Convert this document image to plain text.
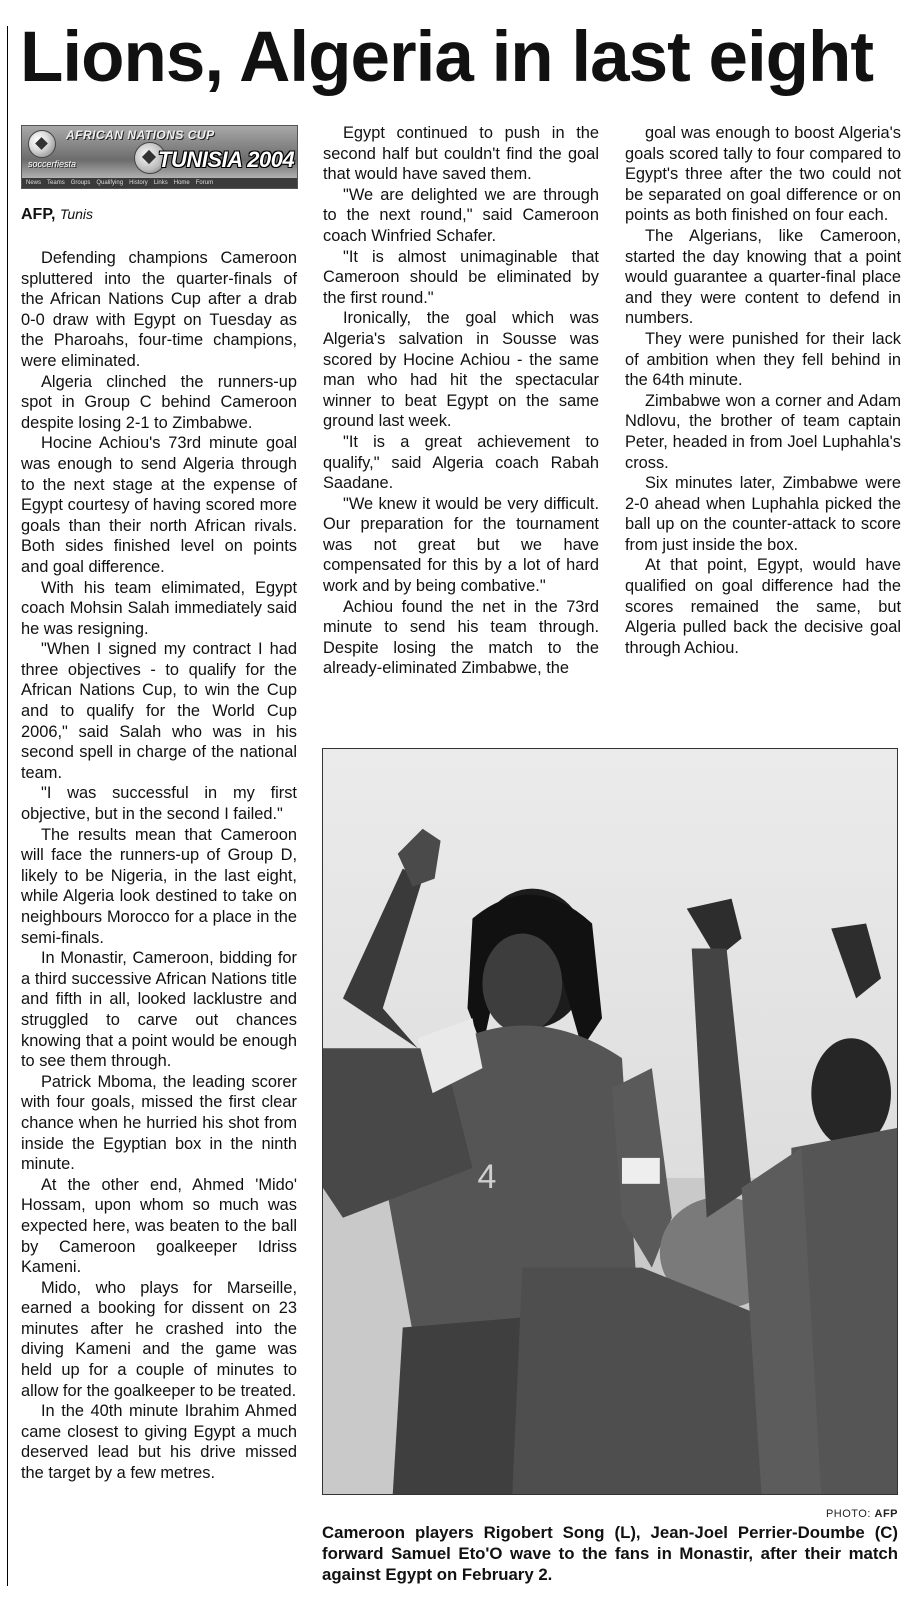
Lions, Algeria in last eight
AFRICAN NATIONS CUP
soccerfiesta	TUNISIA 2004
News Teams Groups Qualifying History Links Home Forum
AFP, Tunis

Defending champions Cameroon spluttered into the quarter-finals of the African Nations Cup after a drab 0-0 draw with Egypt on Tuesday as the Pharoahs, four-time champions, were eliminated.

Algeria clinched the runners-up spot in Group C behind Cameroon despite losing 2-1 to Zimbabwe.

Hocine Achiou's 73rd minute goal was enough to send Algeria through to the next stage at the expense of Egypt courtesy of having scored more goals than their north African rivals. Both sides finished level on points and goal difference.

With his team elimimated, Egypt coach Mohsin Salah immediately said he was resigning.

"When I signed my contract I had three objectives - to qualify for the African Nations Cup, to win the Cup and to qualify for the World Cup 2006," said Salah who was in his second spell in charge of the national team.

"I was successful in my first objective, but in the second I failed."

The results mean that Cameroon will face the runners-up of Group D, likely to be Nigeria, in the last eight, while Algeria look destined to take on neighbours Morocco for a place in the semi-finals.

In Monastir, Cameroon, bidding for a third successive African Nations title and fifth in all, looked lacklustre and struggled to carve out chances knowing that a point would be enough to see them through.

Patrick Mboma, the leading scorer with four goals, missed the first clear chance when he hurried his shot from inside the Egyptian box in the ninth minute.

At the other end, Ahmed 'Mido' Hossam, upon whom so much was expected here, was beaten to the ball by Cameroon goalkeeper Idriss Kameni.

Mido, who plays for Marseille, earned a booking for dissent on 23 minutes after he crashed into the diving Kameni and the game was held up for a couple of minutes to allow for the goalkeeper to be treated.

In the 40th minute Ibrahim Ahmed came closest to giving Egypt a much deserved lead but his drive missed the target by a few metres.

Egypt continued to push in the second half but couldn't find the goal that would have saved them.

"We are delighted we are through to the next round," said Cameroon coach Winfried Schafer.

"It is almost unimaginable that Cameroon should be eliminated by the first round."

Ironically, the goal which was Algeria's salvation in Sousse was scored by Hocine Achiou - the same man who had hit the spectacular winner to beat Egypt on the same ground last week.

"It is a great achievement to qualify," said Algeria coach Rabah Saadane.

"We knew it would be very difficult. Our preparation for the tournament was not great but we have compensated for this by a lot of hard work and by being combative."

Achiou found the net in the 73rd minute to send his team through. Despite losing the match to the already-eliminated Zimbabwe, the

goal was enough to boost Algeria's goals scored tally to four compared to Egypt's three after the two could not be separated on goal difference or on points as both finished on four each.

The Algerians, like Cameroon, started the day knowing that a point would guarantee a quarter-final place and they were content to defend in numbers.

They were punished for their lack of ambition when they fell behind in the 64th minute.

Zimbabwe won a corner and Adam Ndlovu, the brother of team captain Peter, headed in from Joel Luphahla's cross.

Six minutes later, Zimbabwe were 2-0 ahead when Luphahla picked the ball up on the counter-attack to score from just inside the box.

At that point, Egypt, would have qualified on goal difference had the scores remained the same, but Algeria pulled back the decisive goal through Achiou.

4
PHOTO: AFP

Cameroon players Rigobert Song (L), Jean-Joel Perrier-Doumbe (C) forward Samuel Eto'O wave to the fans in Monastir, after their match against Egypt on February 2.
